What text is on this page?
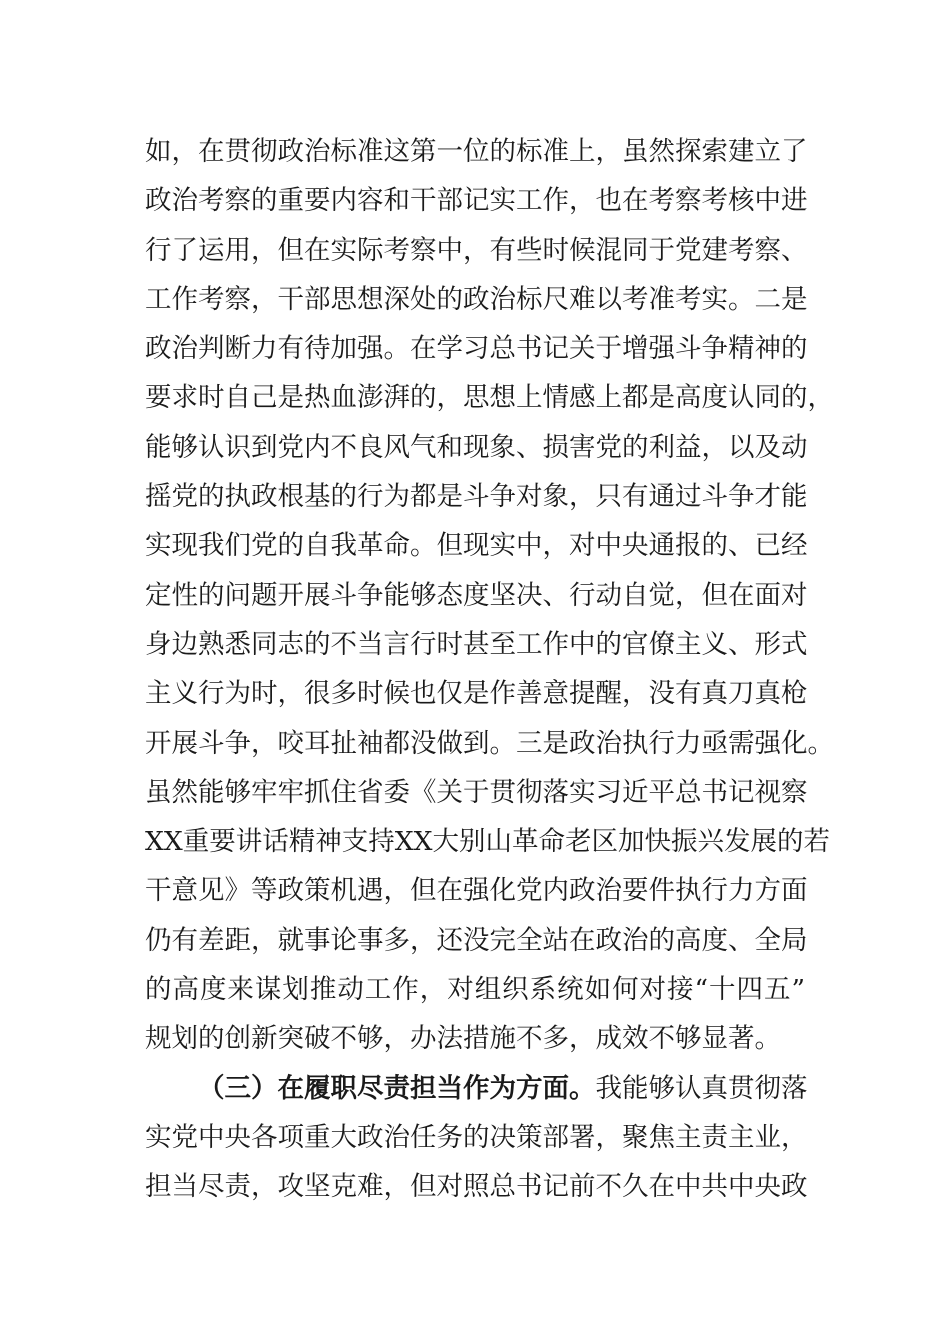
如，在贯彻政治标准这第一位的标准上，虽然探索建立了
政治考察的重要内容和干部记实工作，也在考察考核中进
行了运用，但在实际考察中，有些时候混同于党建考察、
工作考察，干部思想深处的政治标尺难以考准考实。二是
政治判断力有待加强。在学习总书记关于增强斗争精神的
要求时自己是热血澎湃的，思想上情感上都是高度认同的，
能够认识到党内不良风气和现象、损害党的利益，以及动
摇党的执政根基的行为都是斗争对象，只有通过斗争才能
实现我们党的自我革命。但现实中，对中央通报的、已经
定性的问题开展斗争能够态度坚决、行动自觉，但在面对
身边熟悉同志的不当言行时甚至工作中的官僚主义、形式
主义行为时，很多时候也仅是作善意提醒，没有真刀真枪
开展斗争，咬耳扯袖都没做到。三是政治执行力亟需强化。
虽然能够牢牢抓住省委《关于贯彻落实习近平总书记视察
XX重要讲话精神支持XX大别山革命老区加快振兴发展的若
干意见》等政策机遇，但在强化党内政治要件执行力方面
仍有差距，就事论事多，还没完全站在政治的高度、全局
的高度来谋划推动工作，对组织系统如何对接“十四五”
规划的创新突破不够，办法措施不多，成效不够显著。
（三）在履职尽责担当作为方面。我能够认真贯彻落
实党中央各项重大政治任务的决策部署，聚焦主责主业，
担当尽责，攻坚克难，但对照总书记前不久在中共中央政
